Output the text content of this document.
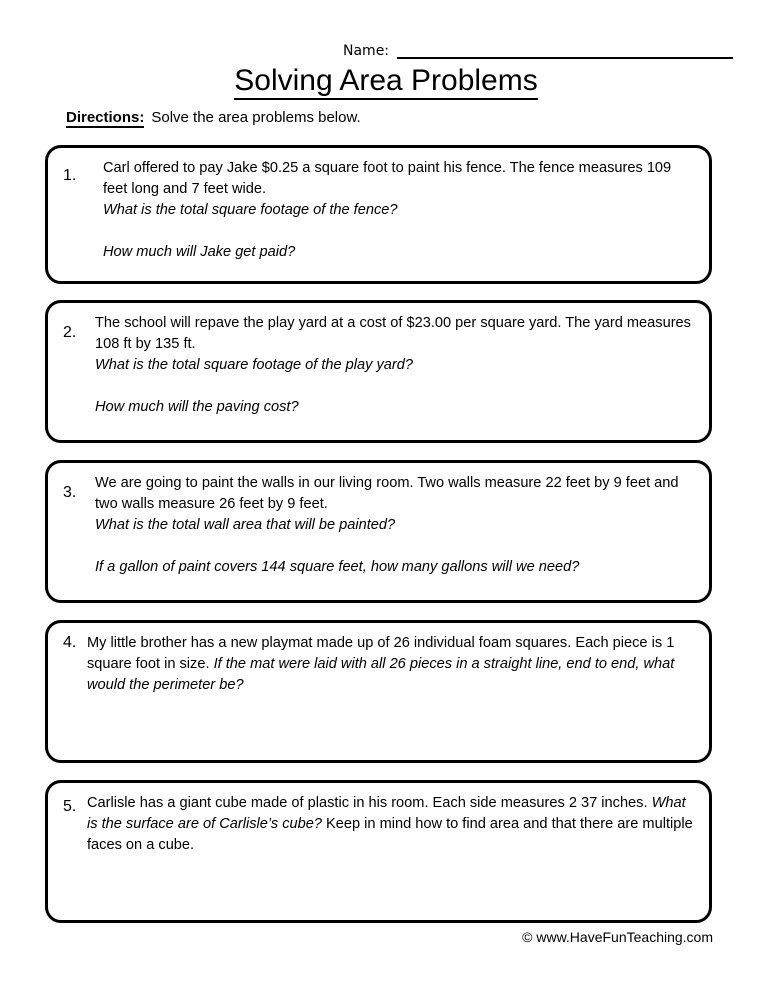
Name:
Solving Area Problems
Directions: Solve the area problems below.
1.	Carl offered to pay Jake $0.25 a square foot to paint his fence. The fence measures 109 feet long and 7 feet wide.

What is the total square footage of the fence?

How much will Jake get paid?

2.

The school will repave the play yard at a cost of $23.00 per square yard. The yard measures 108 ft by 135 ft.

What is the total square footage of the play yard?

How much will the paving cost?

3.

We are going to paint the walls in our living room. Two walls measure 22 feet by 9 feet and two walls measure 26 feet by 9 feet.

What is the total wall area that will be painted?

If a gallon of paint covers 144 square feet, how many gallons will we need?

4. My little brother has a new playmat made up of 26 individual foam squares. Each piece is 1 square foot in size. If the mat were laid with all 26 pieces in a straight line, end to end, what would the perimeter be?

5. Carlisle has a giant cube made of plastic in his room. Each side measures 2 37 inches. What is the surface are of Carlisle’s cube? Keep in mind how to find area and that there are multiple faces on a cube.

© www.HaveFunTeaching.com
